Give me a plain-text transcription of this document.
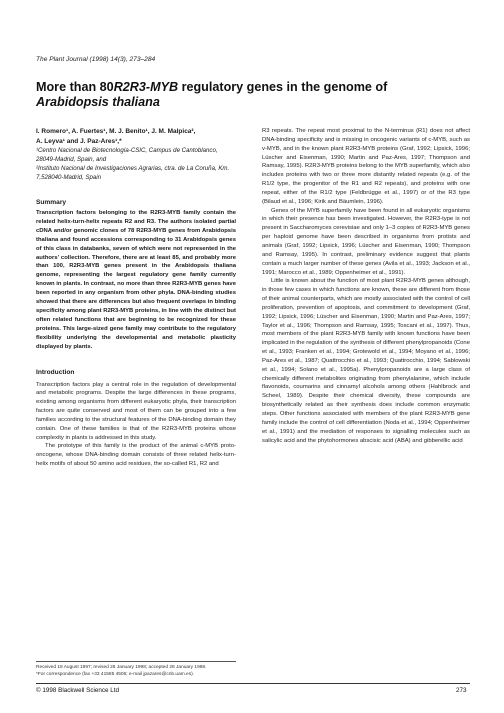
The Plant Journal (1998) 14(3), 273–284
More than 80R2R3-MYB regulatory genes in the genome of
Arabidopsis thaliana

I. Romero¹, A. Fuertes¹, M. J. Benito¹, J. M. Malpica²,

A. Leyva¹ and J. Paz-Ares¹,*

¹Centro Nacional de Biotecnología-CSIC, Campus de Cantoblanco, 28049-Madrid, Spain, and

²Instituto Nacional de Investigaciones Agrarias, ctra. de La Coruña, Km. 7,528040-Madrid, Spain

Summary

Transcription factors belonging to the R2R3-MYB family contain the related helix-turn-helix repeats R2 and R3. The authors isolated partial cDNA and/or genomic clones of 78 R2R3-MYB genes from Arabidopsis thaliana and found accessions corresponding to 31 Arabidopsis genes of this class in databanks, seven of which were not represented in the authors' collection. Therefore, there are at least 85, and probably more than 100, R2R3-MYB genes present in the Arabidopsis thaliana genome, representing the largest regulatory gene family currently known in plants. In contrast, no more than three R2R3-MYB genes have been reported in any organism from other phyla. DNA-binding studies showed that there are differences but also frequent overlaps in binding specificity among plant R2R3-MYB proteins, in line with the distinct but often related functions that are beginning to be recognized for these proteins. This large-sized gene family may contribute to the regulatory flexibility underlying the developmental and metabolic plasticity displayed by plants.

Introduction

Transcription factors play a central role in the regulation of developmental and metabolic programs. Despite the large differences in these programs, existing among organisms from different eukaryotic phyla, their transcription factors are quite conserved and most of them can be grouped into a few families according to the structural features of the DNA-binding domain they contain. One of these families is that of the R2R3-MYB proteins whose complexity in plants is addressed in this study.

The prototype of this family is the product of the animal c-MYB proto-oncogene, whose DNA-binding domain consists of three related helix-turn-helix motifs of about 50 amino acid residues, the so-called R1, R2 and

R3 repeats. The repeat most proximal to the N-terminus (R1) does not affect DNA-binding specificity and is missing in oncogenic variants of c-MYB, such as v-MYB, and in the known plant R2R3-MYB proteins (Graf, 1992; Lipsick, 1996; Lüscher and Eisenman, 1990; Martin and Paz-Ares, 1997; Thompson and Ramsay, 1995). R2R3-MYB proteins belong to the MYB superfamily, which also includes proteins with two or three more distantly related repeats (e.g. of the R1/2 type, the progenitor of the R1 and R2 repeats), and proteins with one repeat, either of the R1/2 type (Feldbrügge et al., 1997) or of the R3 type (Bilaud et al., 1996; Kirik and Bäumlein, 1996).

Genes of the MYB superfamily have been found in all eukaryotic organisms in which their presence has been investigated. However, the R2R3-type is not present in Saccharomyces cerevisiae and only 1–3 copies of R2R3-MYB genes per haploid genome have been described in organisms from protists and animals (Graf, 1992; Lipsick, 1996; Lüscher and Eisenman, 1990; Thompson and Ramsay, 1995). In contrast, preliminary evidence suggest that plants contain a much larger number of these genes (Avila et al., 1993; Jackson et al., 1991; Marocco et al., 1989; Oppenheimer et al., 1991).

Little is known about the function of most plant R2R3-MYB genes although, in those few cases in which functions are known, these are different from those of their animal counterparts, which are mostly associated with the control of cell proliferation, prevention of apoptosis, and commitment to development (Graf, 1992; Lipsick, 1996; Lüscher and Eisenman, 1990; Martin and Paz-Ares, 1997; Taylor et al., 1996; Thompson and Ramsay, 1995; Toscani et al., 1997). Thus, most members of the plant R2R3-MYB family with known functions have been implicated in the regulation of the synthesis of different phenylpropanoids (Cone et al., 1993; Franken et al., 1994; Grotewold et al., 1994; Moyano et al., 1996; Paz-Ares et al., 1987; Quattrocchio et al., 1993; Quattrocchio, 1994; Sablowski et al., 1994; Solano et al., 1995a). Phenylpropanoids are a large class of chemically different metabolites originating from phenylalanine, which include flavonoids, coumarins and cinnamyl alcohols among others (Hahlbrock and Scheel, 1989). Despite their chemical diversity, these compounds are biosynthetically related as their synthesis does include common enzymatic steps. Other functions associated with members of the plant R2R3-MYB gene family include the control of cell differentiation (Noda et al., 1994; Oppenheimer et al., 1991) and the mediation of responses to signalling molecules such as salicylic acid and the phytohormones abscisic acid (ABA) and gibberellic acid

Received 18 August 1997; revised 26 January 1998; accepted 28 January 1998.
*For correspondence (fax +33 41585 4506; e-mail jpazares@cnb.uam.es).
© 1998 Blackwell Science Ltd	273
